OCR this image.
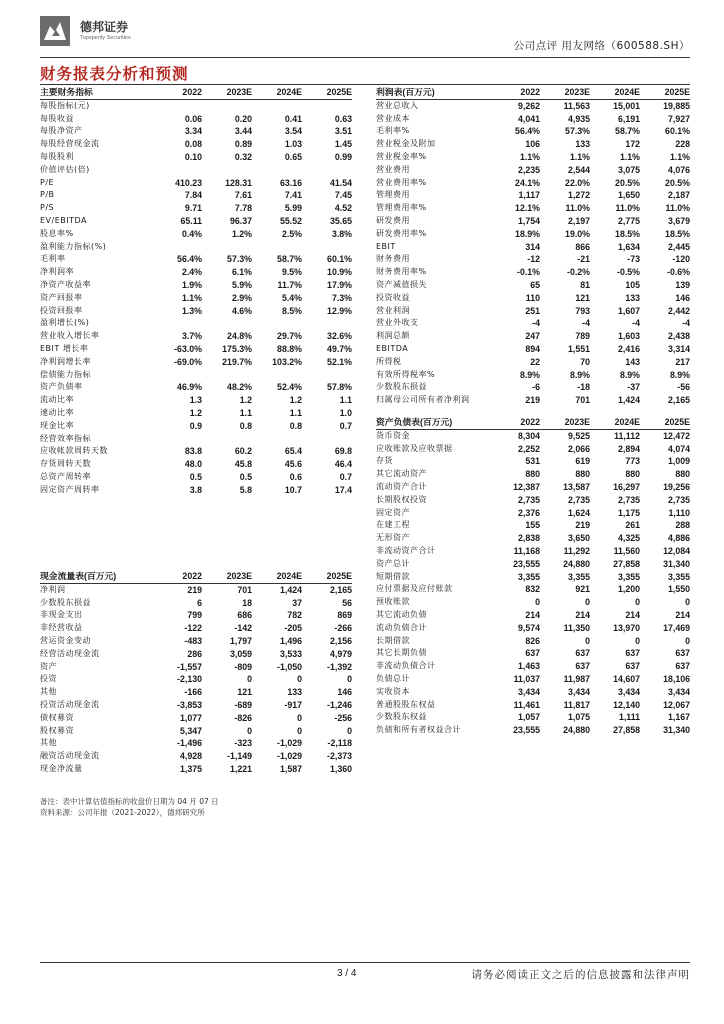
德邦证券
Topsperity Securities
公司点评 用友网络（600588.SH）
财务报表分析和预测
主要财务指标	2022	2023E	2024E	2025E
每股指标(元)				
每股收益	0.06	0.20	0.41	0.63
每股净资产	3.34	3.44	3.54	3.51
每股经营现金流	0.08	0.89	1.03	1.45
每股股利	0.10	0.32	0.65	0.99
价值评估(倍)				
P/E	410.23	128.31	63.16	41.54
P/B	7.84	7.61	7.41	7.45
P/S	9.71	7.78	5.99	4.52
EV/EBITDA	65.11	96.37	55.52	35.65
股息率%	0.4%	1.2%	2.5%	3.8%
盈利能力指标(%)				
毛利率	56.4%	57.3%	58.7%	60.1%
净利润率	2.4%	6.1%	9.5%	10.9%
净资产收益率	1.9%	5.9%	11.7%	17.9%
资产回报率	1.1%	2.9%	5.4%	7.3%
投资回报率	1.3%	4.6%	8.5%	12.9%
盈利增长(%)				
营业收入增长率	3.7%	24.8%	29.7%	32.6%
EBIT 增长率	-63.0%	175.3%	88.8%	49.7%
净利润增长率	-69.0%	219.7%	103.2%	52.1%
偿债能力指标				
资产负债率	46.9%	48.2%	52.4%	57.8%
流动比率	1.3	1.2	1.2	1.1
速动比率	1.2	1.1	1.1	1.0
现金比率	0.9	0.8	0.8	0.7
经营效率指标				
应收帐款周转天数	83.8	60.2	65.4	69.8
存货周转天数	48.0	45.8	45.6	46.4
总资产周转率	0.5	0.5	0.6	0.7
固定资产周转率	3.8	5.8	10.7	17.4
利润表(百万元)	2022	2023E	2024E	2025E
营业总收入	9,262	11,563	15,001	19,885
营业成本	4,041	4,935	6,191	7,927
毛利率%	56.4%	57.3%	58.7%	60.1%
营业税金及附加	106	133	172	228
营业税金率%	1.1%	1.1%	1.1%	1.1%
营业费用	2,235	2,544	3,075	4,076
营业费用率%	24.1%	22.0%	20.5%	20.5%
管理费用	1,117	1,272	1,650	2,187
管理费用率%	12.1%	11.0%	11.0%	11.0%
研发费用	1,754	2,197	2,775	3,679
研发费用率%	18.9%	19.0%	18.5%	18.5%
EBIT	314	866	1,634	2,445
财务费用	-12	-21	-73	-120
财务费用率%	-0.1%	-0.2%	-0.5%	-0.6%
资产减值损失	65	81	105	139
投资收益	110	121	133	146
营业利润	251	793	1,607	2,442
营业外收支	-4	-4	-4	-4
利润总额	247	789	1,603	2,438
EBITDA	894	1,551	2,416	3,314
所得税	22	70	143	217
有效所得税率%	8.9%	8.9%	8.9%	8.9%
少数股东损益	-6	-18	-37	-56
归属母公司所有者净利润	219	701	1,424	2,165
资产负债表(百万元)	2022	2023E	2024E	2025E
货币资金	8,304	9,525	11,112	12,472
应收账款及应收票据	2,252	2,066	2,894	4,074
存货	531	619	773	1,009
其它流动资产	880	880	880	880
流动资产合计	12,387	13,587	16,297	19,256
长期股权投资	2,735	2,735	2,735	2,735
固定资产	2,376	1,624	1,175	1,110
在建工程	155	219	261	288
无形资产	2,838	3,650	4,325	4,886
非流动资产合计	11,168	11,292	11,560	12,084
资产总计	23,555	24,880	27,858	31,340
短期借款	3,355	3,355	3,355	3,355
应付票据及应付账款	832	921	1,200	1,550
预收账款	0	0	0	0
其它流动负债	214	214	214	214
流动负债合计	9,574	11,350	13,970	17,469
长期借款	826	0	0	0
其它长期负债	637	637	637	637
非流动负债合计	1,463	637	637	637
负债总计	11,037	11,987	14,607	18,106
实收资本	3,434	3,434	3,434	3,434
普通股股东权益	11,461	11,817	12,140	12,067
少数股东权益	1,057	1,075	1,111	1,167
负债和所有者权益合计	23,555	24,880	27,858	31,340
现金流量表(百万元)	2022	2023E	2024E	2025E
净利润	219	701	1,424	2,165
少数股东损益	6	18	37	56
非现金支出	799	686	782	869
非经营收益	-122	-142	-205	-266
营运资金变动	-483	1,797	1,496	2,156
经营活动现金流	286	3,059	3,533	4,979
资产	-1,557	-809	-1,050	-1,392
投资	-2,130	0	0	0
其他	-166	121	133	146
投资活动现金流	-3,853	-689	-917	-1,246
债权募资	1,077	-826	0	-256
股权募资	5,347	0	0	0
其他	-1,496	-323	-1,029	-2,118
融资活动现金流	4,928	-1,149	-1,029	-2,373
现金净流量	1,375	1,221	1,587	1,360
备注：表中计算估值指标的收盘价日期为 04 月 07 日
资料来源：公司年报（2021-2022），德邦研究所
3 / 4	请务必阅读正文之后的信息披露和法律声明
